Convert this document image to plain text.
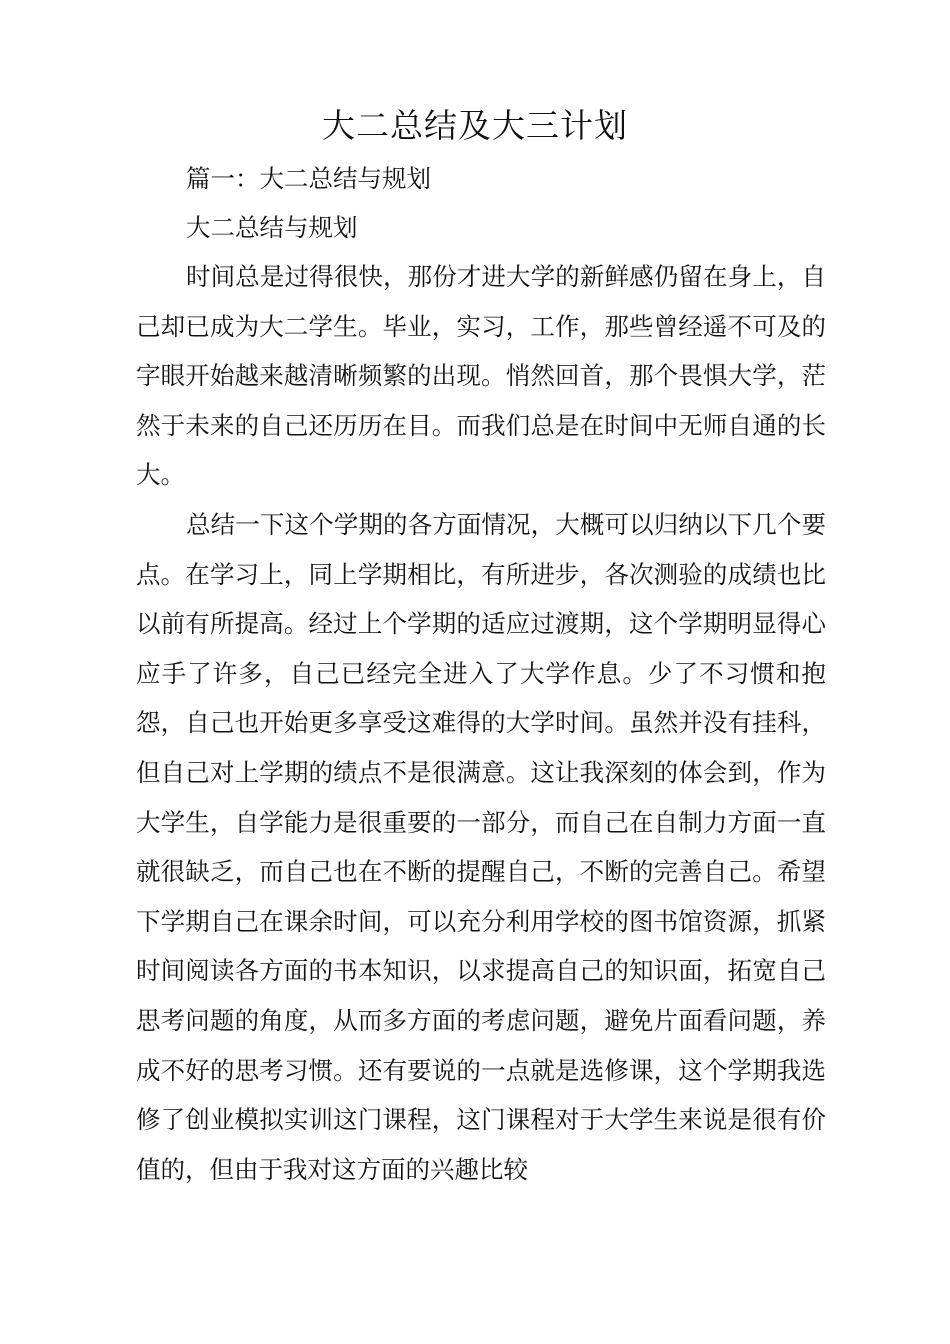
大二总结及大三计划

篇一：大二总结与规划

大二总结与规划

时间总是过得很快，那份才进大学的新鲜感仍留在身上，自己却已成为大二学生。毕业，实习，工作，那些曾经遥不可及的字眼开始越来越清晰频繁的出现。悄然回首，那个畏惧大学，茫然于未来的自己还历历在目。而我们总是在时间中无师自通的长大。

总结一下这个学期的各方面情况，大概可以归纳以下几个要点。在学习上，同上学期相比，有所进步，各次测验的成绩也比以前有所提高。经过上个学期的适应过渡期，这个学期明显得心应手了许多，自己已经完全进入了大学作息。少了不习惯和抱怨，自己也开始更多享受这难得的大学时间。虽然并没有挂科，但自己对上学期的绩点不是很满意。这让我深刻的体会到，作为大学生，自学能力是很重要的一部分，而自己在自制力方面一直就很缺乏，而自己也在不断的提醒自己，不断的完善自己。希望下学期自己在课余时间，可以充分利用学校的图书馆资源，抓紧时间阅读各方面的书本知识，以求提高自己的知识面，拓宽自己思考问题的角度，从而多方面的考虑问题，避免片面看问题，养成不好的思考习惯。还有要说的一点就是选修课，这个学期我选修了创业模拟实训这门课程，这门课程对于大学生来说是很有价值的，但由于我对这方面的兴趣比较
